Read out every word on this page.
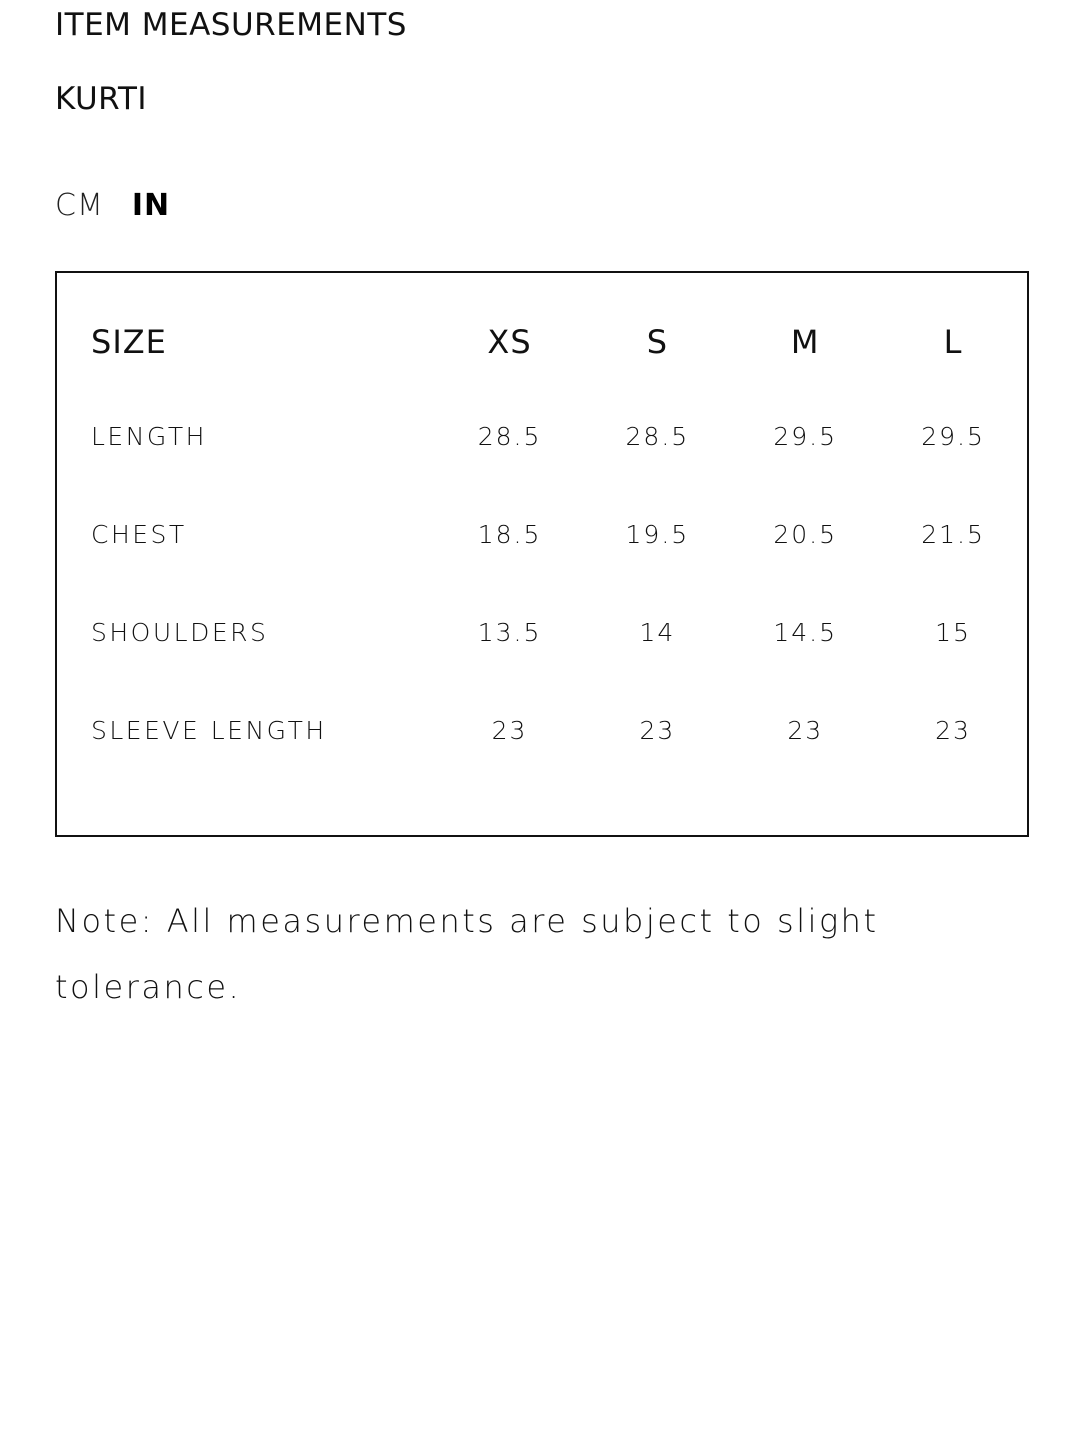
ITEM MEASUREMENTS
KURTI
CM IN
SIZE	XS	S	M	L
LENGTH	28.5	28.5	29.5	29.5
CHEST	18.5	19.5	20.5	21.5
SHOULDERS	13.5	14	14.5	15
SLEEVE LENGTH	23	23	23	23
Note: All measurements are subject to slight tolerance.
